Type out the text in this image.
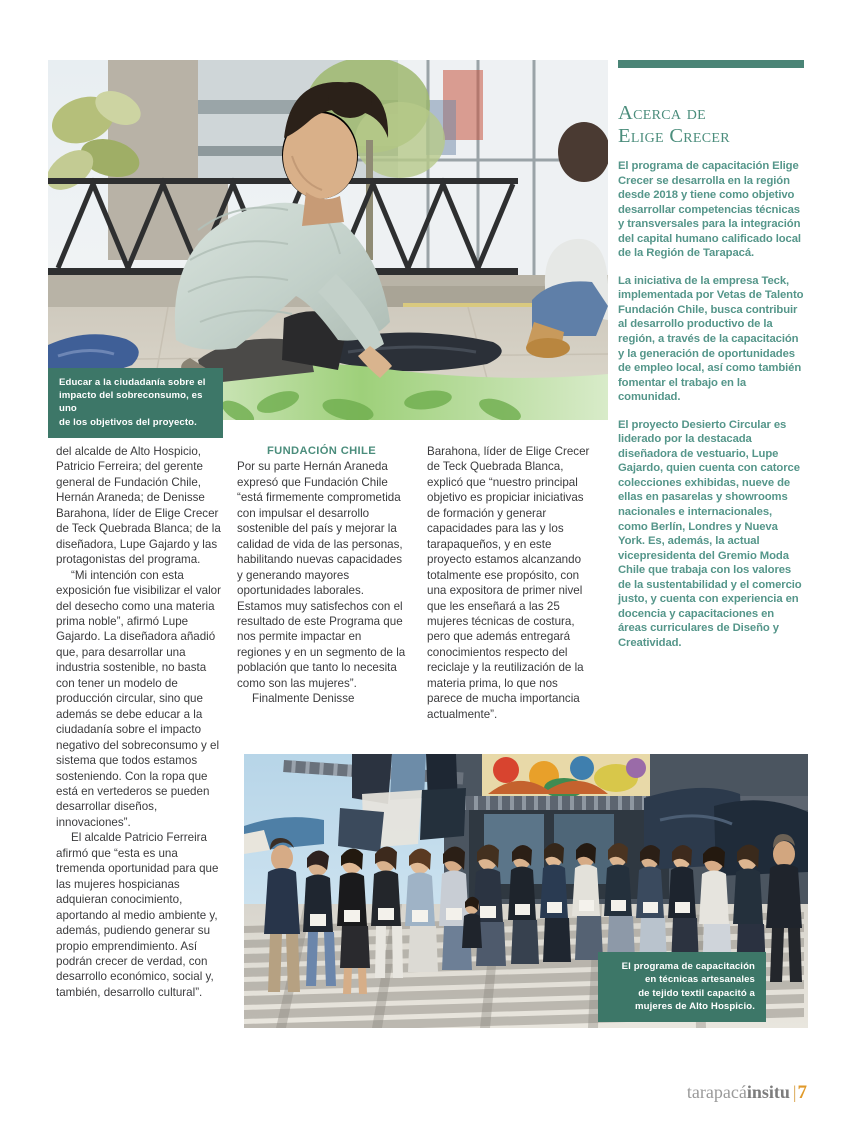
Educar a la ciudadanía sobre el

impacto del sobreconsumo, es uno

de los objetivos del proyecto.

del alcalde de Alto Hospicio, Patricio Ferreira; del gerente general de Fundación Chile, Hernán Araneda; de Denisse Barahona, líder de Elige Crecer de Teck Quebrada Blanca; de la diseñadora, Lupe Gajardo y las protagonistas del programa.

“Mi intención con esta exposición fue visibilizar el valor del desecho como una materia prima noble”, afirmó Lupe Gajardo. La diseñadora añadió que, para desarrollar una industria sostenible, no basta con tener un modelo de producción circular, sino que además se debe educar a la ciudadanía sobre el impacto negativo del sobreconsumo y el sistema que todos estamos sosteniendo. Con la ropa que está en vertederos se pueden desarrollar diseños, innovaciones”.

El alcalde Patricio Ferreira afirmó que “esta es una tremenda oportunidad para que las mujeres hospicianas adquieran conocimiento, aportando al medio ambiente y, además, pudiendo generar su propio emprendimiento. Así podrán crecer de verdad, con desarrollo económico, social y, también, desarrollo cultural”.

FUNDACIÓN CHILE

Por su parte Hernán Araneda expresó que Fundación Chile “está firmemente comprometida con impulsar el desarrollo sostenible del país y mejorar la calidad de vida de las personas, habilitando nuevas capacidades y generando mayores oportunidades laborales. Estamos muy satisfechos con el resultado de este Programa que nos permite impactar en regiones y en un segmento de la población que tanto lo necesita como son las mujeres”.

Finalmente Denisse

Barahona, líder de Elige Crecer de Teck Quebrada Blanca, explicó que “nuestro principal objetivo es propiciar iniciativas de formación y generar capacidades para las y los tarapaqueños, y en este proyecto estamos alcanzando totalmente ese propósito, con una expositora de primer nivel que les enseñará a las 25 mujeres técnicas de costura, pero que además entregará conocimientos respecto del reciclaje y la reutilización de la materia prima, lo que nos parece de mucha importancia actualmente”.

Acerca de
Elige Crecer

El programa de capacitación Elige Crecer se desarrolla en la región desde 2018 y tiene como objetivo desarrollar competencias técnicas y transversales para la integración del capital humano calificado local de la Región de Tarapacá.

La iniciativa de la empresa Teck, implementada por Vetas de Talento Fundación Chile, busca contribuir al desarrollo productivo de la región, a través de la capacitación y la generación de oportunidades de empleo local, así como también fomentar el trabajo en la comunidad.

El proyecto Desierto Circular es liderado por la destacada diseñadora de vestuario, Lupe Gajardo, quien cuenta con catorce colecciones exhibidas, nueve de ellas en pasarelas y showrooms nacionales e internacionales, como Berlín, Londres y Nueva York. Es, además, la actual vicepresidenta del Gremio Moda Chile que trabaja con los valores de la sustentabilidad y el comercio justo, y cuenta con experiencia en docencia y capacitaciones en áreas curriculares de Diseño y Creatividad.

El programa de capacitación

en técnicas artesanales

de tejido textil capacitó a

mujeres de Alto Hospicio.

tarapacáinsitu |7
